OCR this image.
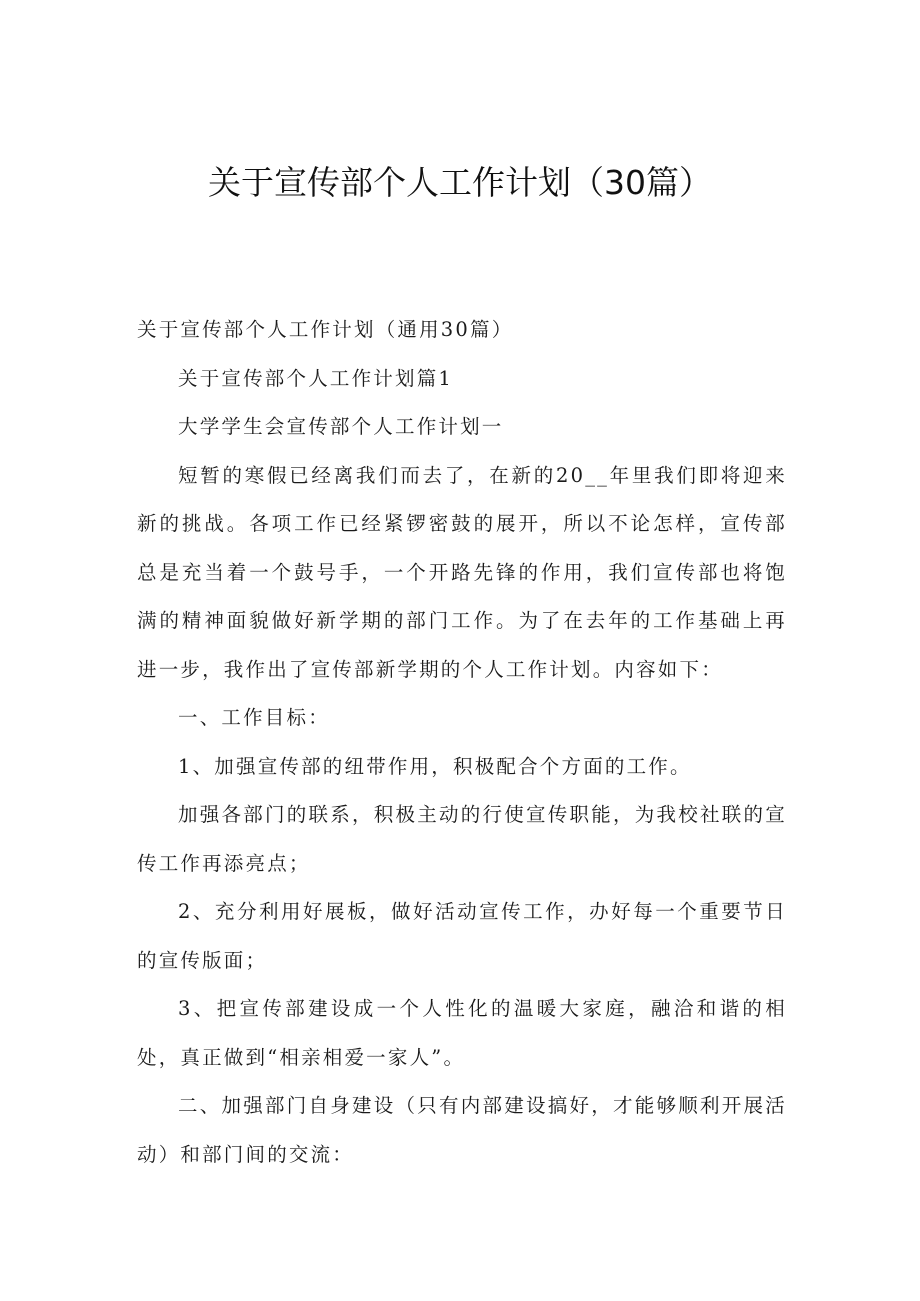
关于宣传部个人工作计划（30篇）

关于宣传部个人工作计划（通用30篇）

关于宣传部个人工作计划篇1

大学学生会宣传部个人工作计划一

短暂的寒假已经离我们而去了，在新的20__年里我们即将迎来新的挑战。各项工作已经紧锣密鼓的展开，所以不论怎样，宣传部总是充当着一个鼓号手，一个开路先锋的作用，我们宣传部也将饱满的精神面貌做好新学期的部门工作。为了在去年的工作基础上再进一步，我作出了宣传部新学期的个人工作计划。内容如下：

一、工作目标：

1、加强宣传部的纽带作用，积极配合个方面的工作。

加强各部门的联系，积极主动的行使宣传职能，为我校社联的宣传工作再添亮点；

2、充分利用好展板，做好活动宣传工作，办好每一个重要节日的宣传版面；

3、把宣传部建设成一个人性化的温暖大家庭，融洽和谐的相处，真正做到“相亲相爱一家人”。

二、加强部门自身建设（只有内部建设搞好，才能够顺利开展活动）和部门间的交流：
